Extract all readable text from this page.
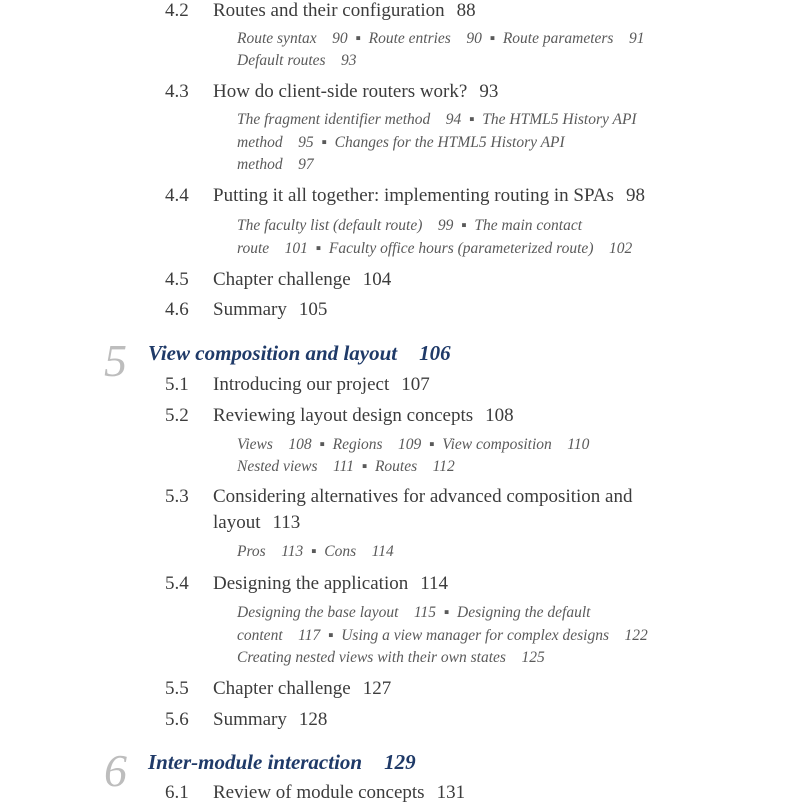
4.2 Routes and their configuration 88
Route syntax    90  ▪  Route entries    90  ▪  Route parameters    91
Default routes    93
4.3 How do client-side routers work? 93
The fragment identifier method    94  ▪  The HTML5 History API
method    95  ▪  Changes for the HTML5 History API
method    97
4.4 Putting it all together: implementing routing in SPAs 98
The faculty list (default route)    99  ▪  The main contact
route    101  ▪  Faculty office hours (parameterized route)    102
4.5 Chapter challenge 104
4.6 Summary 105
5 View composition and layout 106
5.1 Introducing our project 107
5.2 Reviewing layout design concepts 108
Views    108  ▪  Regions    109  ▪  View composition    110
Nested views    111  ▪  Routes    112
5.3 Considering alternatives for advanced composition and
layout 113
Pros    113  ▪  Cons    114
5.4 Designing the application 114
Designing the base layout    115  ▪  Designing the default
content    117  ▪  Using a view manager for complex designs    122
Creating nested views with their own states    125
5.5 Chapter challenge 127
5.6 Summary 128
6 Inter-module interaction 129
6.1 Review of module concepts 131
